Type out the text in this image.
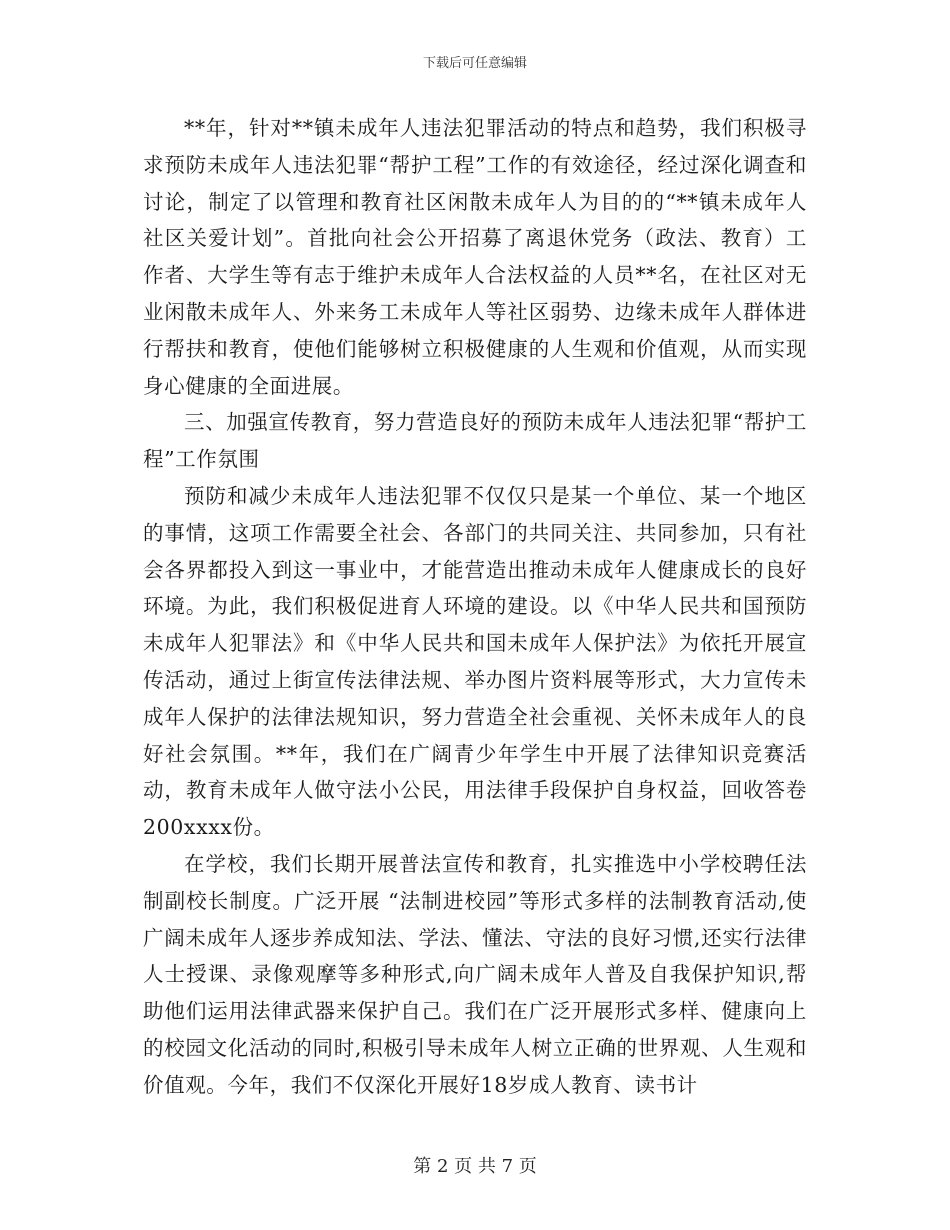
下载后可任意编辑

**年，针对**镇未成年人违法犯罪活动的特点和趋势，我们积极寻求预防未成年人违法犯罪“帮护工程”工作的有效途径，经过深化调查和讨论，制定了以管理和教育社区闲散未成年人为目的的“**镇未成年人社区关爱计划”。首批向社会公开招募了离退休党务（政法、教育）工作者、大学生等有志于维护未成年人合法权益的人员**名，在社区对无业闲散未成年人、外来务工未成年人等社区弱势、边缘未成年人群体进行帮扶和教育，使他们能够树立积极健康的人生观和价值观，从而实现身心健康的全面进展。

三、加强宣传教育，努力营造良好的预防未成年人违法犯罪“帮护工程”工作氛围

预防和减少未成年人违法犯罪不仅仅只是某一个单位、某一个地区的事情，这项工作需要全社会、各部门的共同关注、共同参加，只有社会各界都投入到这一事业中，才能营造出推动未成年人健康成长的良好环境。为此，我们积极促进育人环境的建设。以《中华人民共和国预防未成年人犯罪法》和《中华人民共和国未成年人保护法》为依托开展宣传活动，通过上街宣传法律法规、举办图片资料展等形式，大力宣传未成年人保护的法律法规知识，努力营造全社会重视、关怀未成年人的良好社会氛围。**年，我们在广阔青少年学生中开展了法律知识竞赛活动，教育未成年人做守法小公民，用法律手段保护自身权益，回收答卷200xxxx份。

在学校，我们长期开展普法宣传和教育，扎实推选中小学校聘任法制副校长制度。广泛开展 “法制进校园”等形式多样的法制教育活动,使广阔未成年人逐步养成知法、学法、懂法、守法的良好习惯,还实行法律人士授课、录像观摩等多种形式,向广阔未成年人普及自我保护知识,帮助他们运用法律武器来保护自己。我们在广泛开展形式多样、健康向上的校园文化活动的同时,积极引导未成年人树立正确的世界观、人生观和价值观。今年，我们不仅深化开展好18岁成人教育、读书计

第 2 页 共 7 页
